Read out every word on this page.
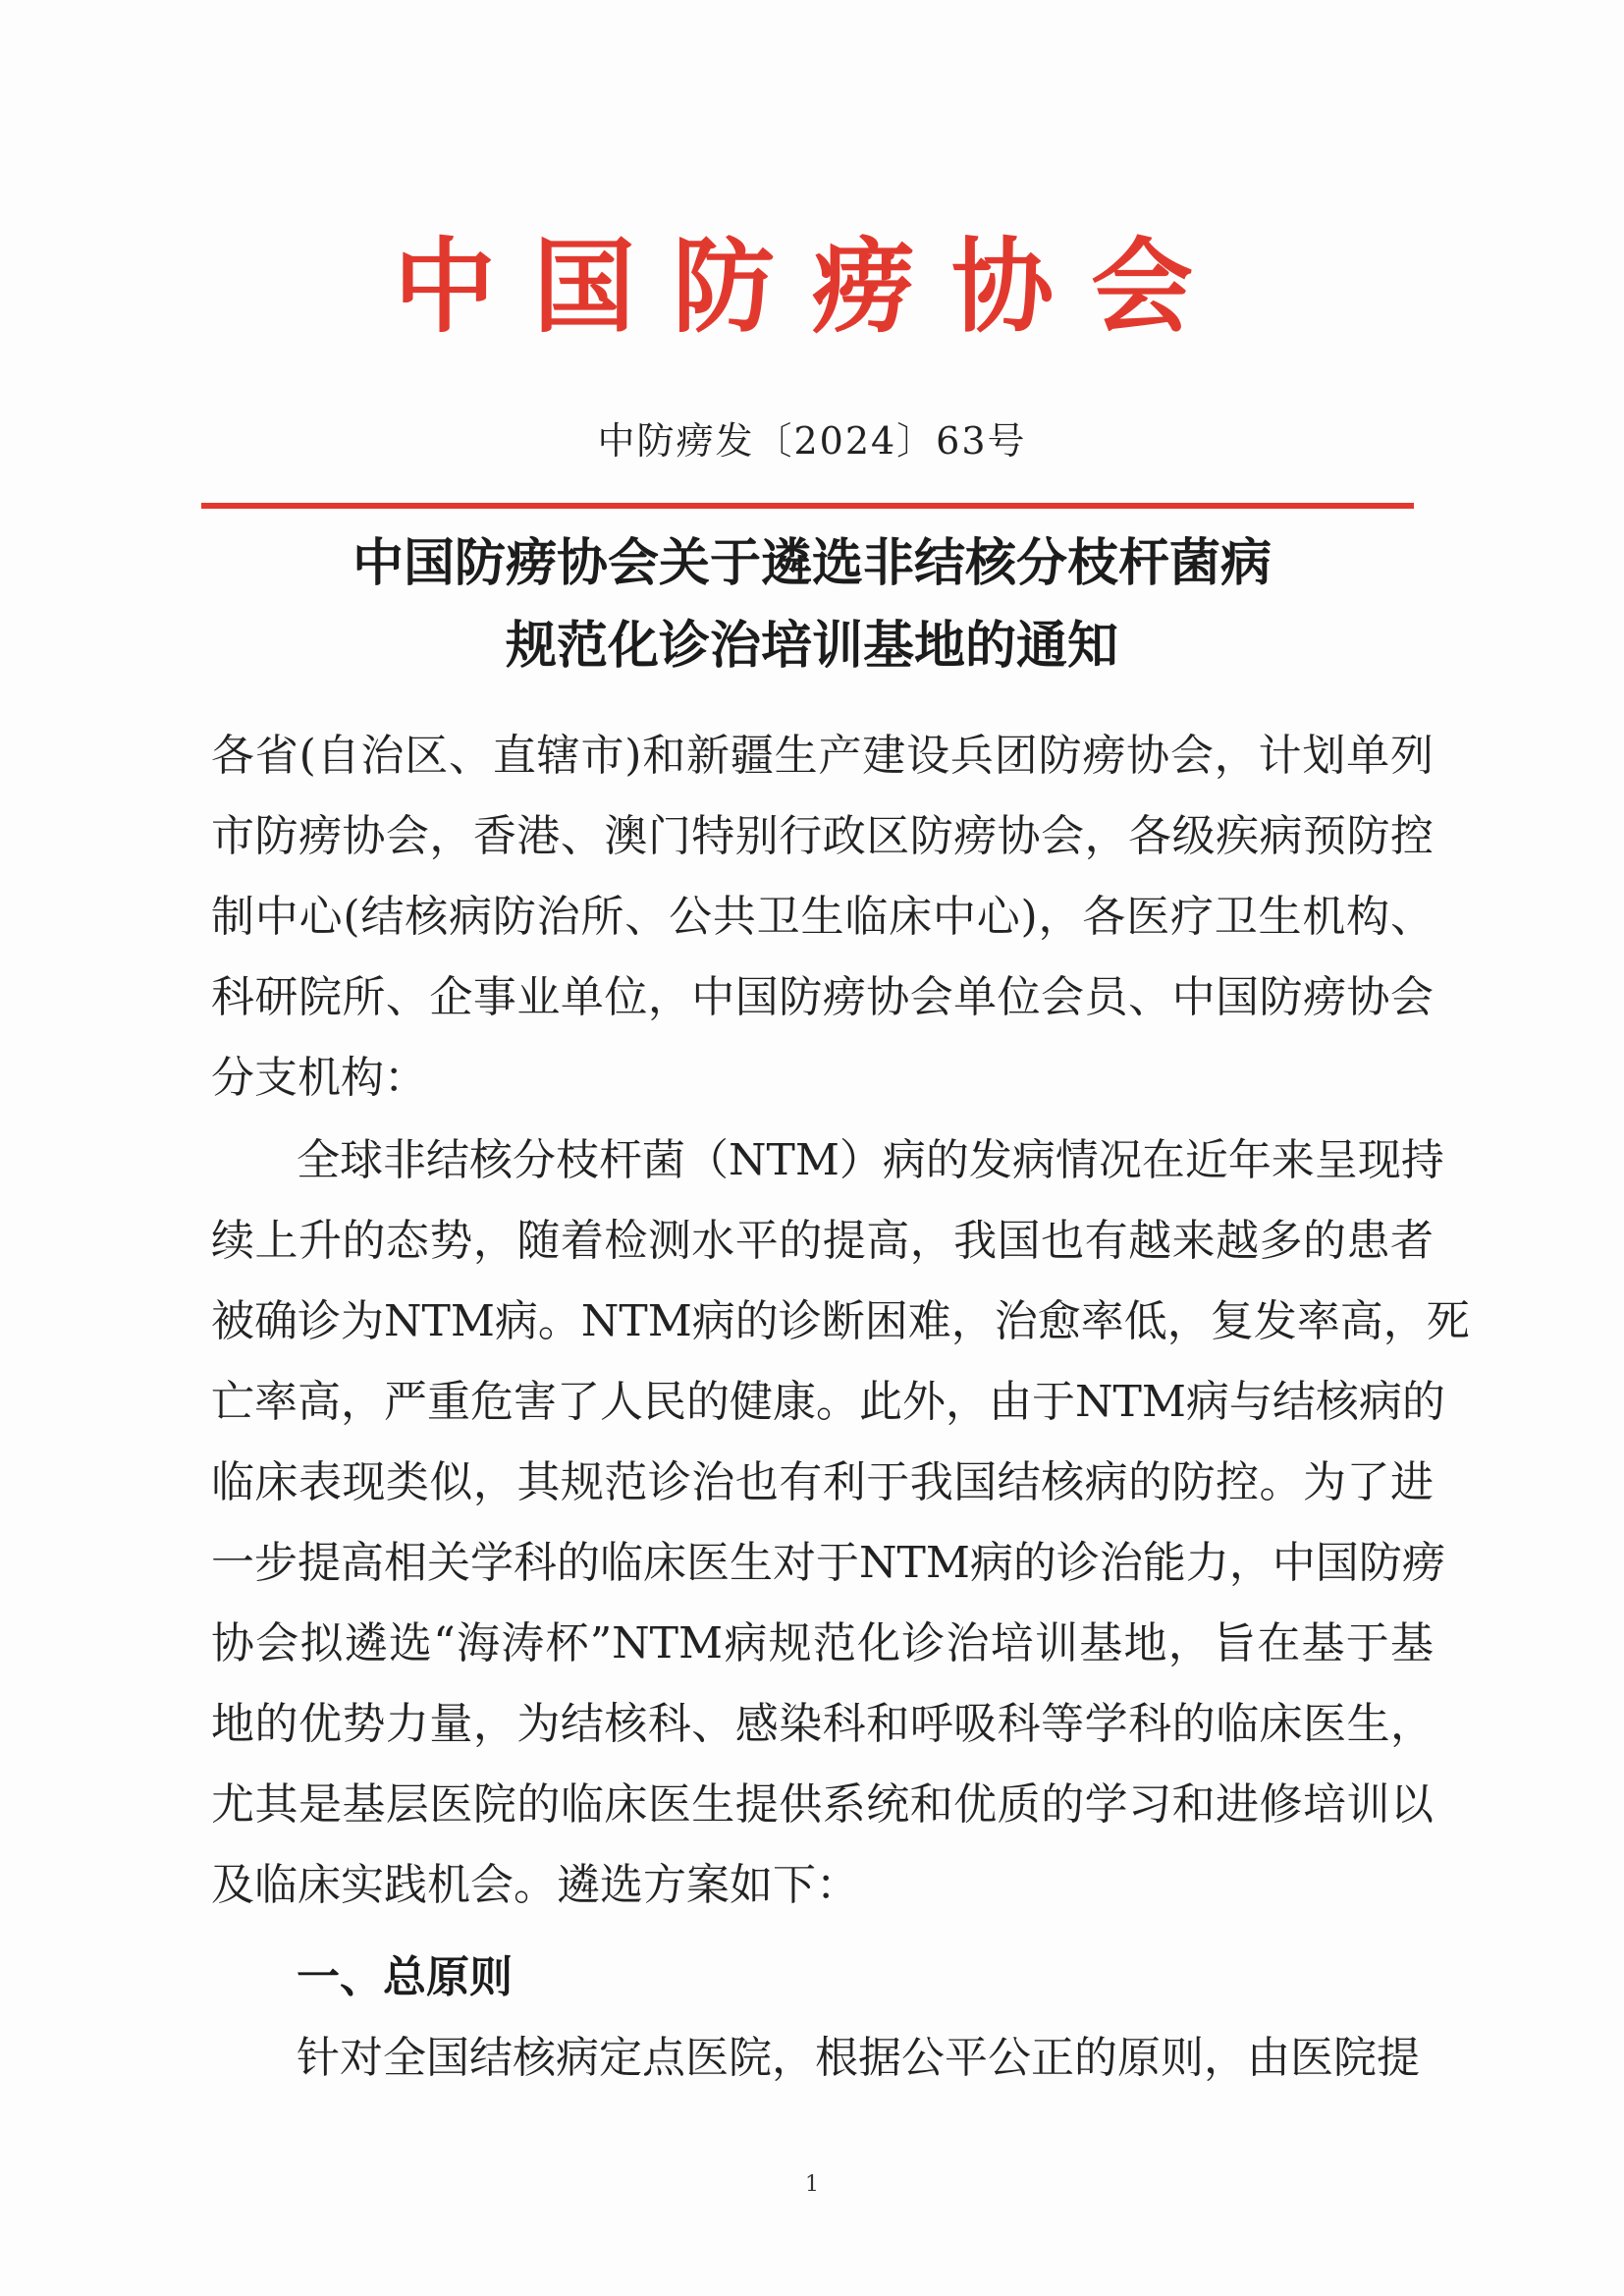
中国防痨协会
中防痨发〔2024〕63号
中国防痨协会关于遴选非结核分枝杆菌病
规范化诊治培训基地的通知
各省(自治区、直辖市)和新疆生产建设兵团防痨协会，计划单列
市防痨协会，香港、澳门特别行政区防痨协会，各级疾病预防控
制中心(结核病防治所、公共卫生临床中心)，各医疗卫生机构、
科研院所、企事业单位，中国防痨协会单位会员、中国防痨协会
分支机构：
全球非结核分枝杆菌（NTM）病的发病情况在近年来呈现持
续上升的态势，随着检测水平的提高，我国也有越来越多的患者
被确诊为NTM病。NTM病的诊断困难，治愈率低，复发率高，死
亡率高，严重危害了人民的健康。此外，由于NTM病与结核病的
临床表现类似，其规范诊治也有利于我国结核病的防控。为了进
一步提高相关学科的临床医生对于NTM病的诊治能力，中国防痨
协会拟遴选“海涛杯”NTM病规范化诊治培训基地，旨在基于基
地的优势力量，为结核科、感染科和呼吸科等学科的临床医生，
尤其是基层医院的临床医生提供系统和优质的学习和进修培训以
及临床实践机会。遴选方案如下：
一、总原则
针对全国结核病定点医院，根据公平公正的原则，由医院提
1
